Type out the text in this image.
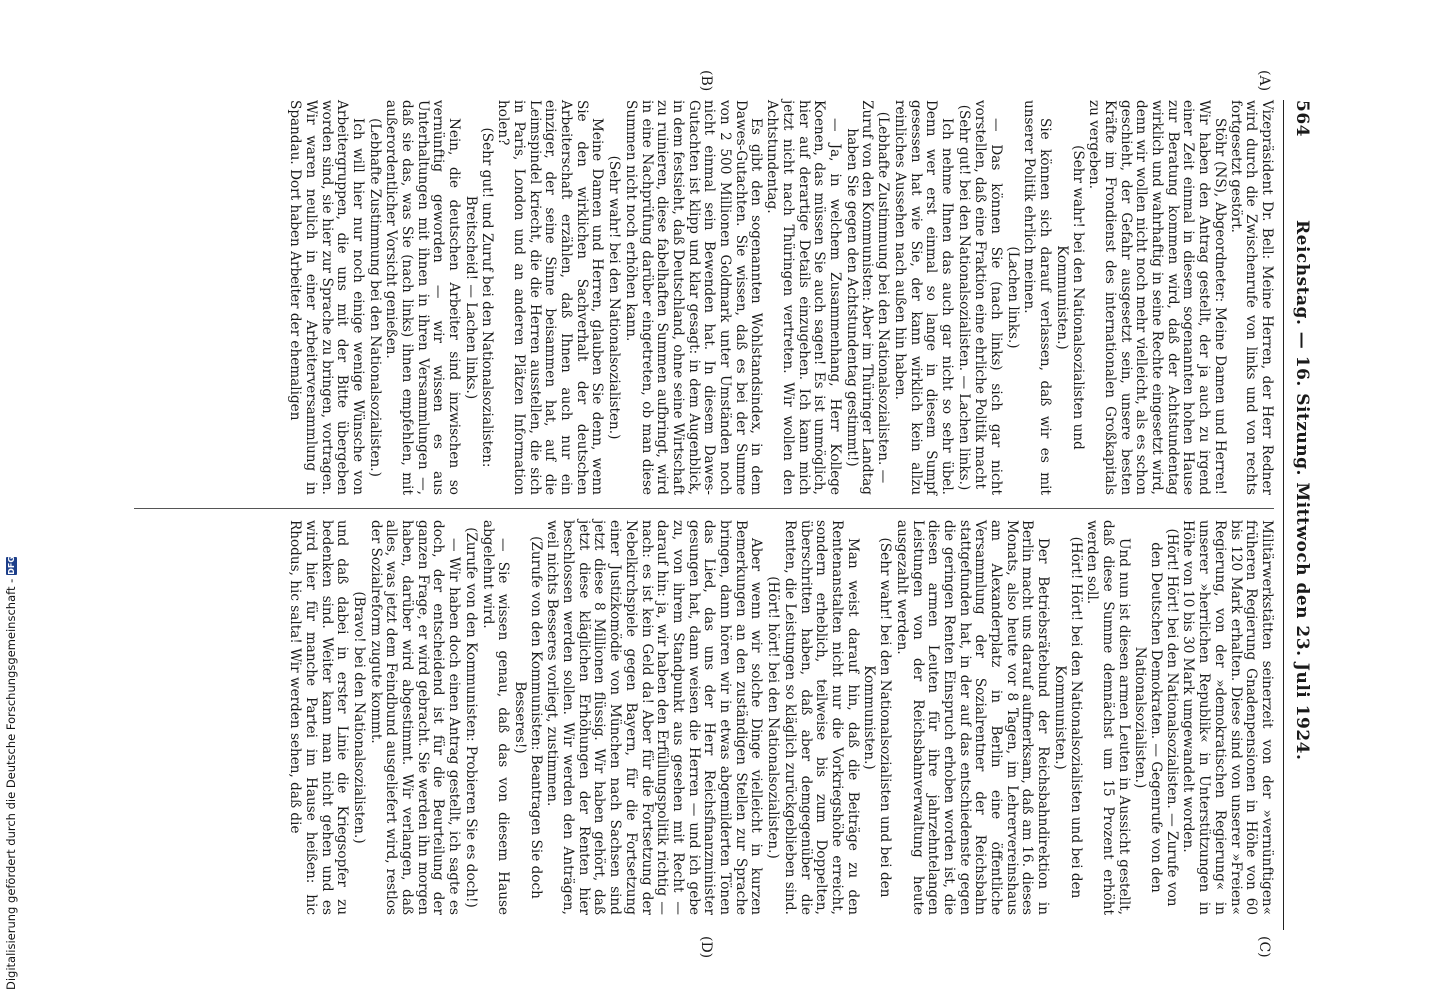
564
Reichstag. — 16. Sitzung. Mittwoch den 23. Juli 1924.
(A)
(B)
(C)
(D)

Vizepräsident Dr. Bell: Meine Herren, der Herr Redner wird durch die Zwischenrufe von links und von rechts fortgesetzt gestört.

Stöhr (NS), Abgeordneter: Meine Damen und Herren! Wir haben den Antrag gestellt, der ja auch zu irgend einer Zeit einmal in diesem sogenannten hohen Hause zur Beratung kommen wird, daß der Achtstundentag wirklich und wahrhaftig in seine Rechte eingesetzt wird, denn wir wollen nicht noch mehr vielleicht, als es schon geschieht, der Gefahr ausgesetzt sein, unsere besten Kräfte im Frondienst des internationalen Großkapitals zu vergeben.

(Sehr wahr! bei den Nationalsozialisten und Kommunisten.)

Sie können sich darauf verlassen, daß wir es mit unserer Politik ehrlich meinen.

(Lachen links.)

— Das können Sie (nach links) sich gar nicht vorstellen, daß eine Fraktion eine ehrliche Politik macht

(Sehr gut! bei den Nationalsozialisten. — Lachen links.)

Ich nehme Ihnen das auch gar nicht so sehr übel. Denn wer erst einmal so lange in diesem Sumpf gesessen hat wie Sie, der kann wirklich kein allzu reinliches Aussehen nach außen hin haben.

(Lebhafte Zustimmung bei den Nationalsozialisten. — Zuruf von den Kommunisten: Aber im Thüringer Landtag haben Sie gegen den Achtstundentag gestimmt!)

— Ja, in welchem Zusammenhang, Herr Kollege Koenen, das müssen Sie auch sagen! Es ist unmöglich, hier auf derartige Details einzugehen. Ich kann mich jetzt nicht nach Thüringen vertreten. Wir wollen den Achtstundentag.

Es gibt den sogenannten Wohlstandsindex, in dem Dawes-Gutachten. Sie wissen, daß es bei der Summe von 2 500 Millionen Goldmark unter Umständen noch nicht einmal sein Bewenden hat. In diesem Dawes-Gutachten ist klipp und klar gesagt: in dem Augenblick, in dem festsieht, daß Deutschland, ohne seine Wirtschaft zu ruinieren, diese fabelhaften Summen aufbringt, wird in eine Nachprüfung darüber eingetreten, ob man diese Summen nicht noch erhöhen kann.

(Sehr wahr! bei den Nationalsozialisten.)

Meine Damen und Herren, glauben Sie denn, wenn Sie den wirklichen Sachverhalt der deutschen Arbeiterschaft erzählen, daß Ihnen auch nur ein einziger, der seine Sinne beisammen hat, auf die Leimspindel kriecht, die die Herren ausstellen, die sich in Paris, London und an anderen Plätzen Information holen?

(Sehr gut! und Zuruf bei den Nationalsozialisten: Breitscheid! — Lachen links.)

Nein, die deutschen Arbeiter sind inzwischen so vernünftig geworden — wir wissen es aus Unterhaltungen mit ihnen in ihren Versammlungen —, daß sie das, was Sie (nach links) ihnen empfehlen, mit außerordentlicher Vorsicht genießen.

(Lebhafte Zustimmung bei den Nationalsozialisten.)

Ich will hier nur noch einige wenige Wünsche von Arbeitergruppen, die uns mit der Bitte übergeben worden sind, sie hier zur Sprache zu bringen, vortragen. Wir waren neulich in einer Arbeiterversammlung in Spandau. Dort haben Arbeiter der ehemaligen

Militärwerkstätten seinerzeit von der »vernünftigen« früheren Regierung Gnadenpensionen in Höhe von 60 bis 120 Mark erhalten. Diese sind von unserer »Freien« Regierung, von der »demokratischen Regierung« in unserer »herrlichen Republik« in Unterstützungen in Höhe von 10 bis 30 Mark umgewandelt worden.

(Hört! Hört! bei den Nationalsozialisten. — Zurufe von den Deutschen Demokraten. — Gegenrufe von den Nationalsozialisten.)

Und nun ist diesen armen Leuten in Aussicht gestellt, daß diese Summe demnächst um 15 Prozent erhöht werden soll.

(Hört! Hört! bei den Nationalsozialisten und bei den Kommunisten.)

Der Betriebsrätebund der Reichsbahndirektion in Berlin macht uns darauf aufmerksam, daß am 16. dieses Monats, also heute vor 8 Tagen, im Lehrervereinshaus am Alexanderplatz in Berlin eine öffentliche Versammlung der Sozialrentner der Reichsbahn stattgefunden hat, in der auf das entschiedenste gegen die geringen Renten Einspruch erhoben worden ist, die diesen armen Leuten für ihre jahrzehntelangen Leistungen von der Reichsbahnverwaltung heute ausgezahlt werden.

(Sehr wahr! bei den Nationalsozialisten und bei den Kommunisten.)

Man weist darauf hin, daß die Beiträge zu den Rentenanstalten nicht nur die Vorkriegshöhe erreicht, sondern erheblich, teilweise bis zum Doppelten, überschritten haben, daß aber demgegenüber die Renten, die Leistungen so kläglich zurückgeblieben sind.

(Hört! hört! bei den Nationalsozialisten.)

Aber wenn wir solche Dinge vielleicht in kurzen Bemerkungen an den zuständigen Stellen zur Sprache bringen, dann hören wir in etwas abgemilderten Tönen das Lied, das uns der Herr Reichsfinanzminister gesungen hat, dann weisen die Herren — und ich gebe zu, von ihrem Standpunkt aus gesehen mit Recht — darauf hin: ja, wir haben den Erfüllungspolitik richtig — nach: es ist kein Geld da! Aber für die Fortsetzung der Nebelkirchspiele gegen Bayern, für die Fortsetzung einer Justizkomödie von München nach Sachsen sind jetzt diese 8 Millionen flüssig. Wir haben gehört, daß jetzt diese kläglichen Erhöhungen der Renten hier beschlossen werden sollen. Wir werden den Anträgen, weil nichts Besseres vorliegt, zustimmen.

(Zurufe von den Kommunisten: Beantragen Sie doch Besseres!)

— Sie wissen genau, daß das von diesem Hause abgelehnt wird.

(Zurufe von den Kommunisten: Probieren Sie es doch!)

— Wir haben doch einen Antrag gestellt, ich sagte es doch, der entscheidend ist für die Beurteilung der ganzen Frage, er wird gebracht. Sie werden ihn morgen haben, darüber wird abgestimmt. Wir verlangen, daß alles, was jetzt dem Feindbund ausgeliefert wird, restlos der Sozialreform zugute kommt.

(Bravo! bei den Nationalsozialisten.)

und daß dabei in erster Linie die Kriegsopfer zu bedenken sind. Weiter kann man nicht gehen und es wird hier für manche Partei im Hause heißen: hic Rhodus, hic salta! Wir werden sehen, daß die

Digitalisierung gefördert durch die Deutsche Forschungsgemeinschaft -DFG
